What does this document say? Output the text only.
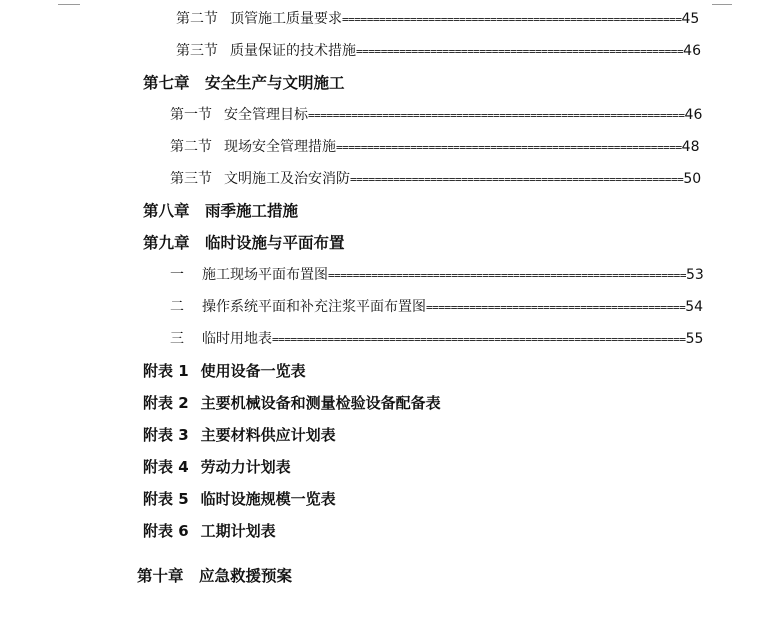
第二节 顶管施工质量要求=======================================================45
第三节 质量保证的技术措施=====================================================46
第七章　安全生产与文明施工
第一节 安全管理目标=============================================================46
第二节 现场安全管理措施========================================================48
第三节 文明施工及治安消防======================================================50
第八章　雨季施工措施
第九章　临时设施与平面布置
一 施工现场平面布置图==========================================================53
二 操作系统平面和补充注浆平面布置图==========================================54
三 临时用地表===================================================================55
附表 1 使用设备一览表
附表 2 主要机械设备和测量检验设备配备表
附表 3 主要材料供应计划表
附表 4 劳动力计划表
附表 5 临时设施规模一览表
附表 6 工期计划表
第十章　应急救援预案
